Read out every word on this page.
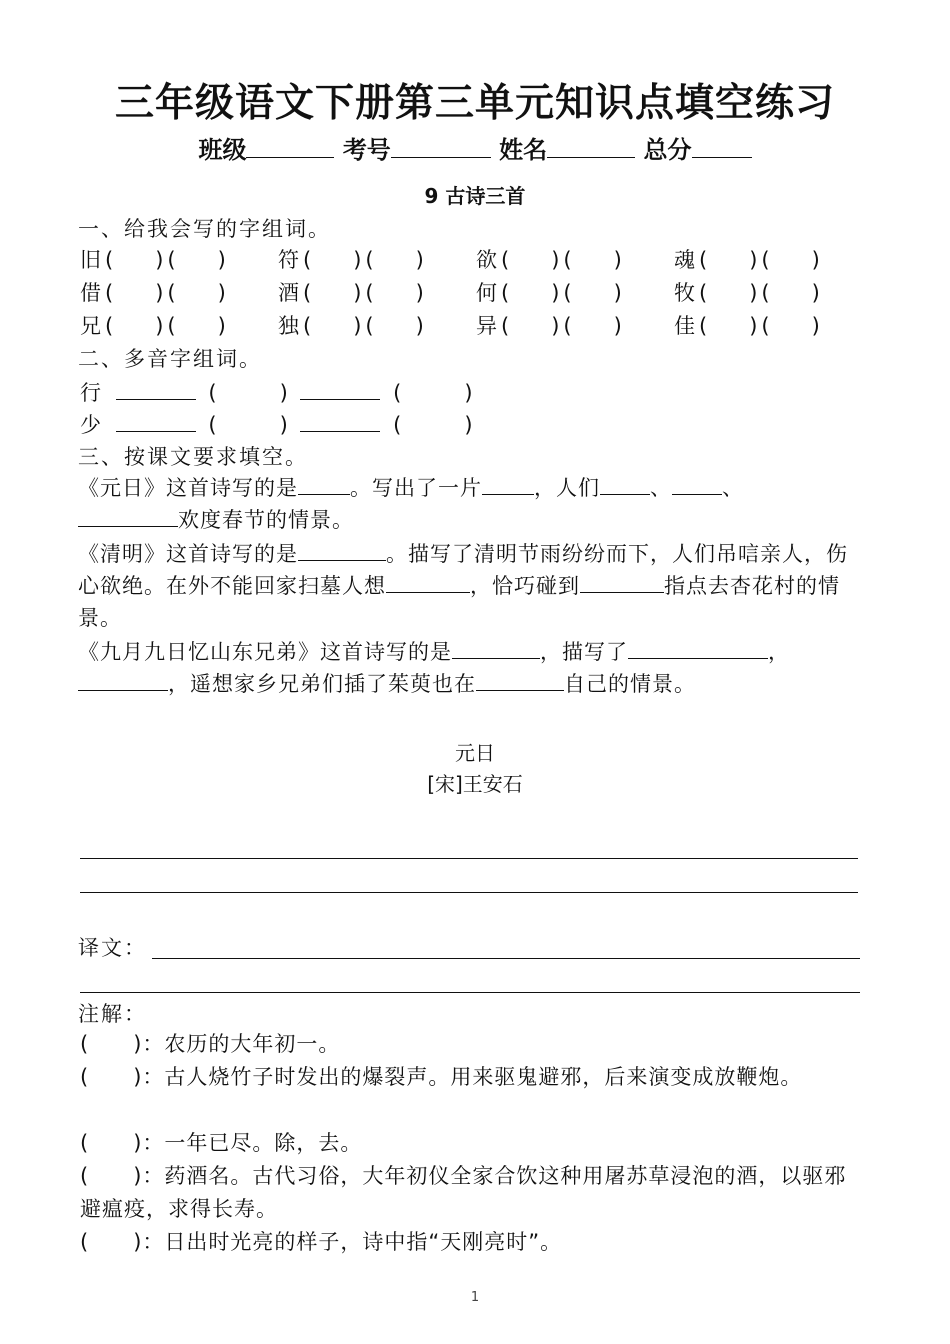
三年级语文下册第三单元知识点填空练习
班级	考号	姓名	总分
9 古诗三首
一、给我会写的字组词。
旧 (　　) (　　) 符 (　　) (　　) 欲 (　　) (　　) 魂 (　　) (　　)
借 (　　) (　　) 酒 (　　) (　　) 何 (　　) (　　) 牧 (　　) (　　)
兄 (　　) (　　) 独 (　　) (　　) 异 (　　) (　　) 佳 (　　) (　　)
二、多音字组词。
行	(　　　)	(　　　)
少	(　　　)	(　　　)
三、按课文要求填空。
《元日》这首诗写的是 。写出了一片 ，人们 、 、
欢度春节的情景。
《清明》这首诗写的是	。描写了清明节雨纷纷而下，人们吊唁亲人，伤心欲绝。在外不能回家扫墓人想	，恰巧碰到	指点去杏花村的情景。
《九月九日忆山东兄弟》这首诗写的是	，描写了	，
，遥想家乡兄弟们插了茱萸也在	自己的情景。
元日
[宋]王安石
译文：
注解：
(　　)：农历的大年初一。
(　　)：古人烧竹子时发出的爆裂声。用来驱鬼避邪，后来演变成放鞭炮。
(　　)：一年已尽。除，去。
(　　)：药酒名。古代习俗，大年初仪全家合饮这种用屠苏草浸泡的酒，以驱邪避瘟疫，求得长寿。
(　　)：日出时光亮的样子，诗中指“天刚亮时”。
1
